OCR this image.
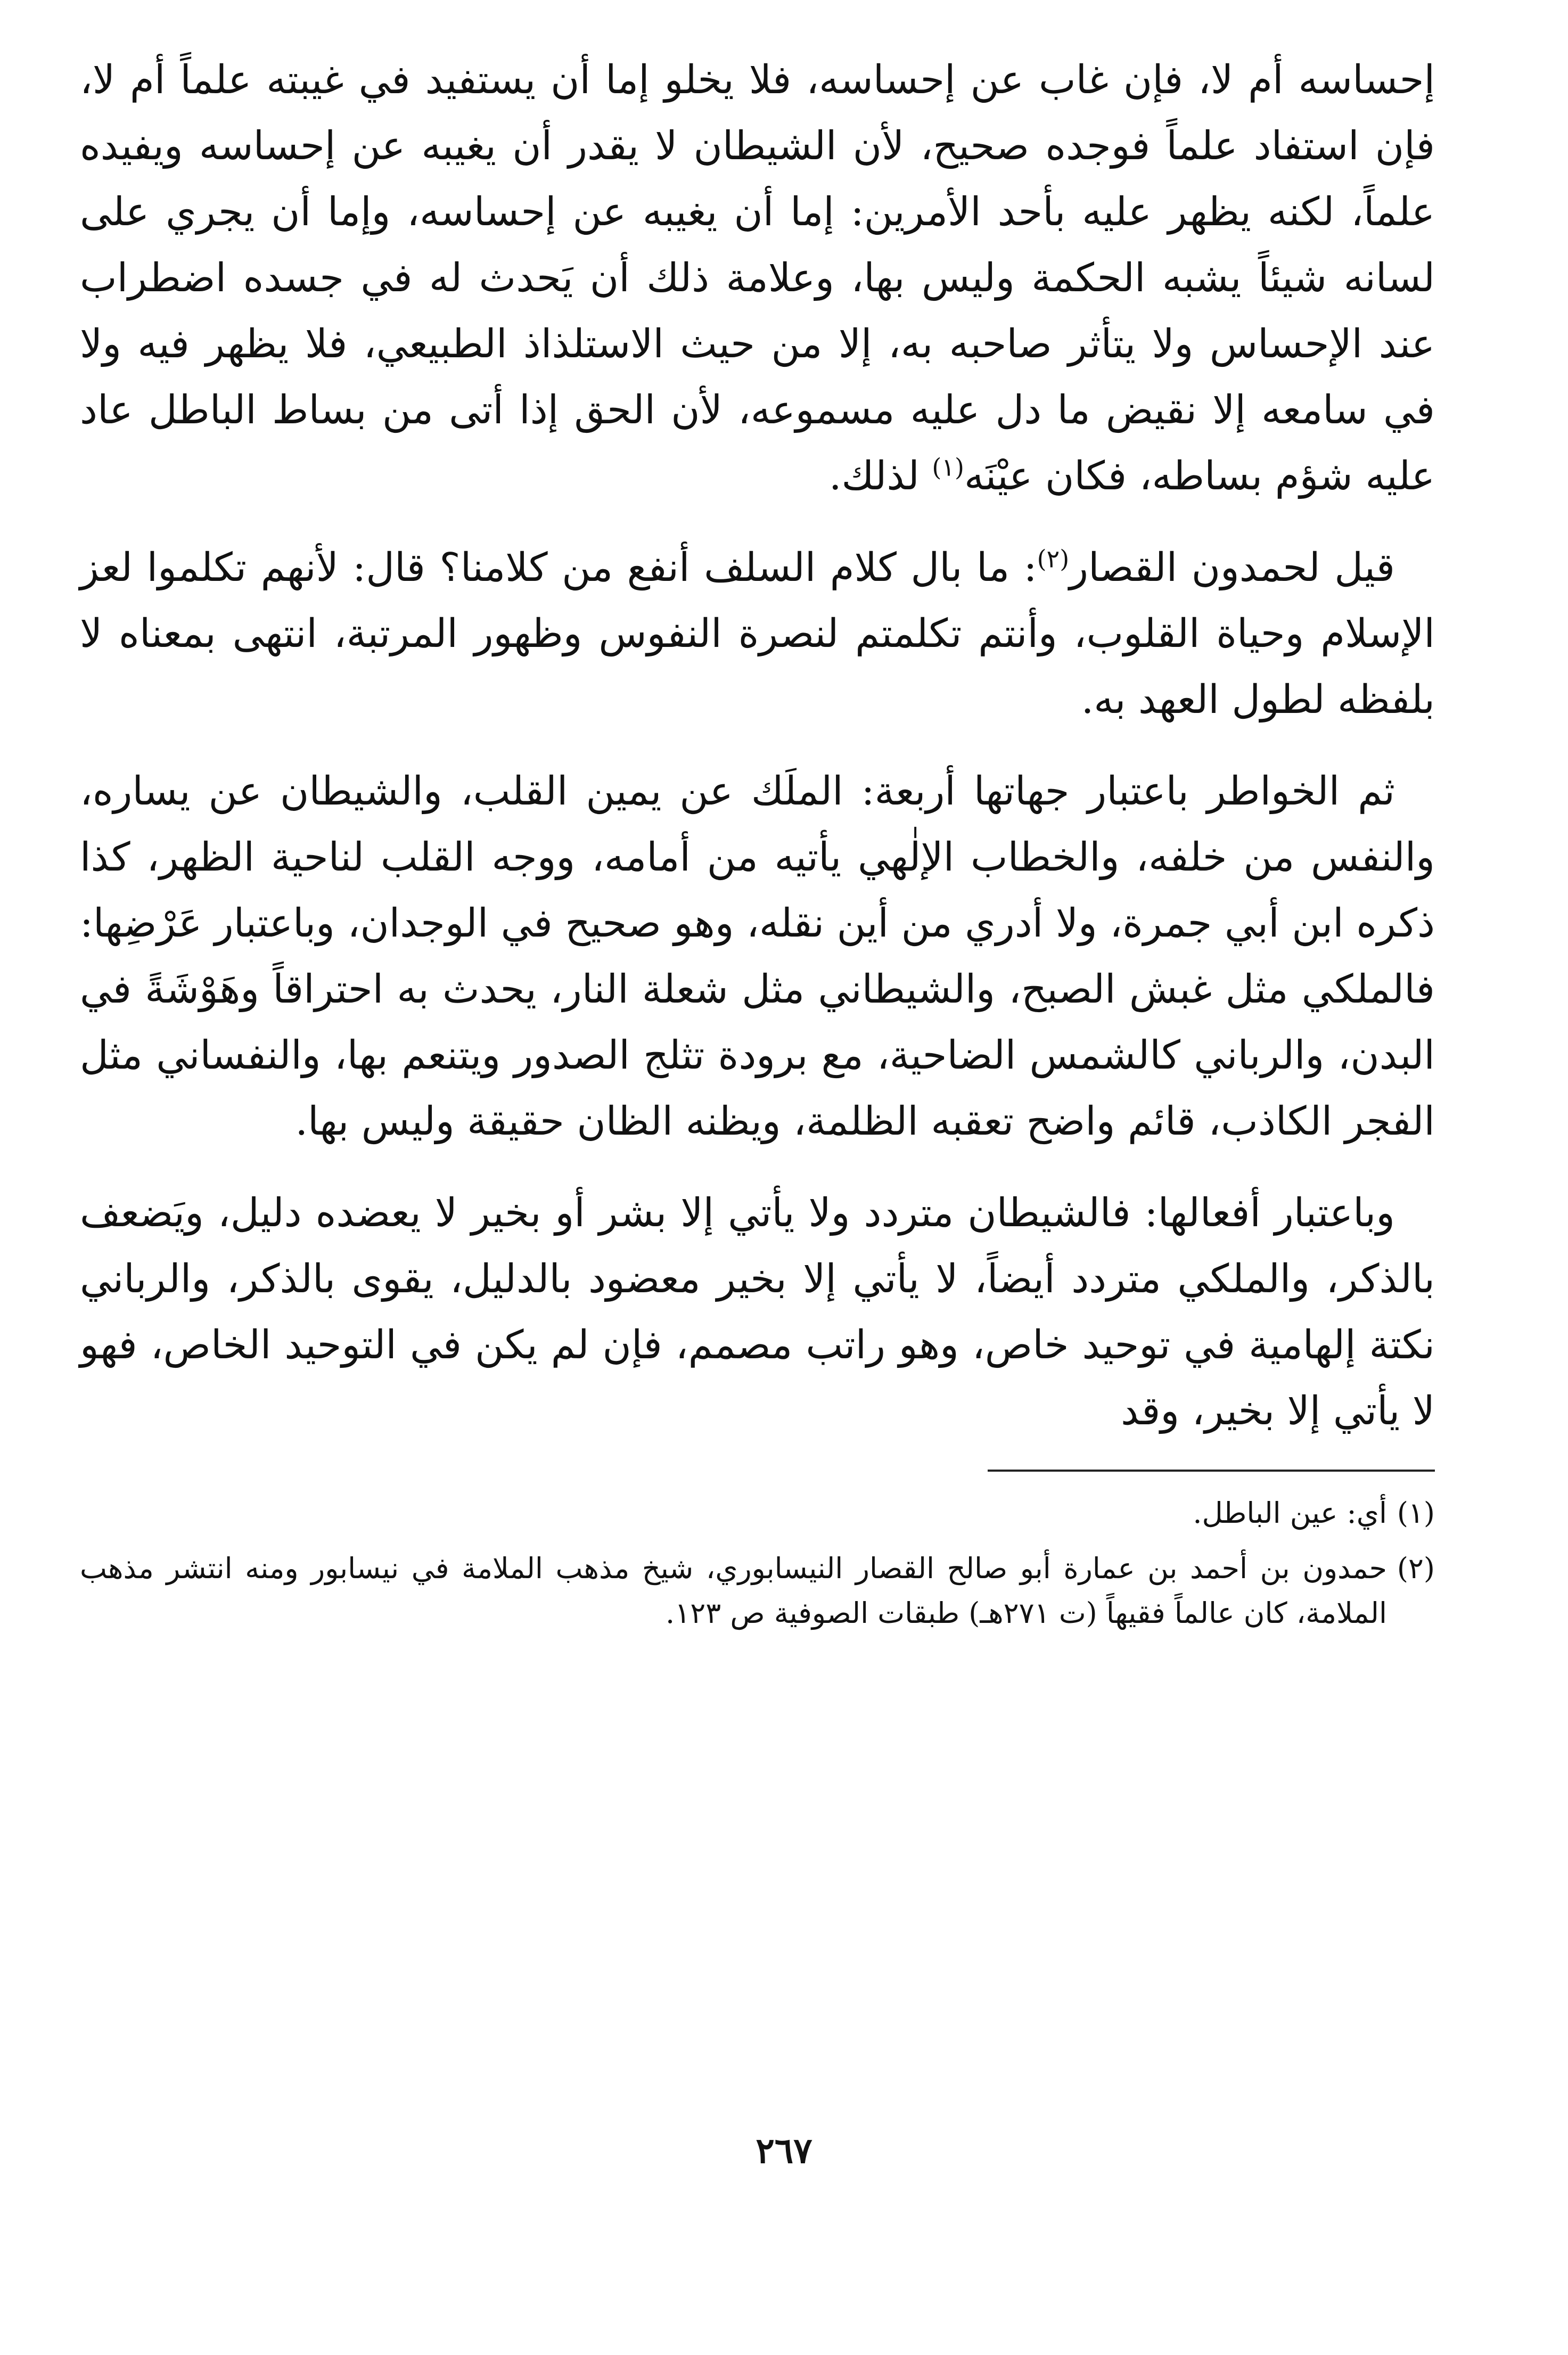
إحساسه أم لا، فإن غاب عن إحساسه، فلا يخلو إما أن يستفيد في غيبته علماً أم لا، فإن استفاد علماً فوجده صحيح، لأن الشيطان لا يقدر أن يغيبه عن إحساسه ويفيده علماً، لكنه يظهر عليه بأحد الأمرين: إما أن يغيبه عن إحساسه، وإما أن يجري على لسانه شيئاً يشبه الحكمة وليس بها، وعلامة ذلك أن يَحدث له في جسده اضطراب عند الإحساس ولا يتأثر صاحبه به، إلا من حيث الاستلذاذ الطبيعي، فلا يظهر فيه ولا في سامعه إلا نقيض ما دل عليه مسموعه، لأن الحق إذا أتى من بساط الباطل عاد عليه شؤم بساطه، فكان عيْنَه$^{(١)}$ لذلك.

قيل لحمدون القصار$^{(٢)}$: ما بال كلام السلف أنفع من كلامنا؟ قال: لأنهم تكلموا لعز الإسلام وحياة القلوب، وأنتم تكلمتم لنصرة النفوس وظهور المرتبة، انتهى بمعناه لا بلفظه لطول العهد به.

ثم الخواطر باعتبار جهاتها أربعة: الملَك عن يمين القلب، والشيطان عن يساره، والنفس من خلفه، والخطاب الإلٰهي يأتيه من أمامه، ووجه القلب لناحية الظهر، كذا ذكره ابن أبي جمرة، ولا أدري من أين نقله، وهو صحيح في الوجدان، وباعتبار عَرْضِها: فالملكي مثل غبش الصبح، والشيطاني مثل شعلة النار، يحدث به احتراقاً وهَوْشَةً في البدن، والرباني كالشمس الضاحية، مع برودة تثلج الصدور ويتنعم بها، والنفساني مثل الفجر الكاذب، قائم واضح تعقبه الظلمة، ويظنه الظان حقيقة وليس بها.

وباعتبار أفعالها: فالشيطان متردد ولا يأتي إلا بشر أو بخير لا يعضده دليل، ويَضعف بالذكر، والملكي متردد أيضاً، لا يأتي إلا بخير معضود بالدليل، يقوى بالذكر، والرباني نكتة إلهامية في توحيد خاص، وهو راتب مصمم، فإن لم يكن في التوحيد الخاص، فهو لا يأتي إلا بخير، وقد

(١)
أي: عين الباطل.
(٢)
حمدون بن أحمد بن عمارة أبو صالح القصار النيسابوري، شيخ مذهب الملامة في نيسابور ومنه انتشر مذهب الملامة، كان عالماً فقيهاً (ت ٢٧١هـ) طبقات الصوفية ص ١٢٣.
٢٦٧
